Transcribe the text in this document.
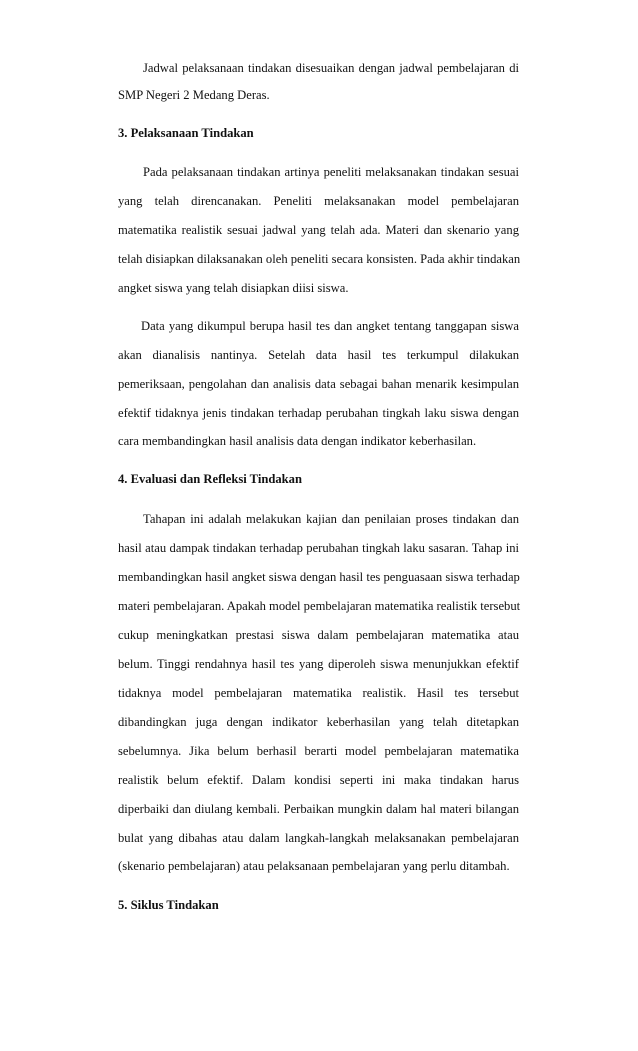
Jadwal pelaksanaan tindakan disesuaikan dengan jadwal pembelajaran di
SMP Negeri 2 Medang Deras.
3. Pelaksanaan Tindakan
Pada pelaksanaan tindakan artinya peneliti melaksanakan tindakan sesuai
yang telah direncanakan. Peneliti melaksanakan model pembelajaran
matematika realistik sesuai jadwal yang telah ada. Materi dan skenario yang
telah disiapkan dilaksanakan oleh peneliti secara konsisten. Pada akhir tindakan
angket siswa yang telah disiapkan diisi siswa.
Data yang dikumpul berupa hasil tes dan angket tentang tanggapan siswa
akan dianalisis nantinya. Setelah data hasil tes terkumpul dilakukan
pemeriksaan, pengolahan dan analisis data sebagai bahan menarik kesimpulan
efektif tidaknya jenis tindakan terhadap perubahan tingkah laku siswa dengan
cara membandingkan hasil analisis data dengan indikator keberhasilan.
4. Evaluasi dan Refleksi Tindakan
Tahapan ini adalah melakukan kajian dan penilaian proses tindakan dan
hasil atau dampak tindakan terhadap perubahan tingkah laku sasaran. Tahap ini
membandingkan hasil angket siswa dengan hasil tes penguasaan siswa terhadap
materi pembelajaran. Apakah model pembelajaran matematika realistik tersebut
cukup meningkatkan prestasi siswa dalam pembelajaran matematika atau
belum. Tinggi rendahnya hasil tes yang diperoleh siswa menunjukkan efektif
tidaknya model pembelajaran matematika realistik. Hasil tes tersebut
dibandingkan juga dengan indikator keberhasilan yang telah ditetapkan
sebelumnya. Jika belum berhasil berarti model pembelajaran matematika
realistik belum efektif. Dalam kondisi seperti ini maka tindakan harus
diperbaiki dan diulang kembali. Perbaikan mungkin dalam hal materi bilangan
bulat yang dibahas atau dalam langkah-langkah melaksanakan pembelajaran
(skenario pembelajaran) atau pelaksanaan pembelajaran yang perlu ditambah.
5. Siklus Tindakan
